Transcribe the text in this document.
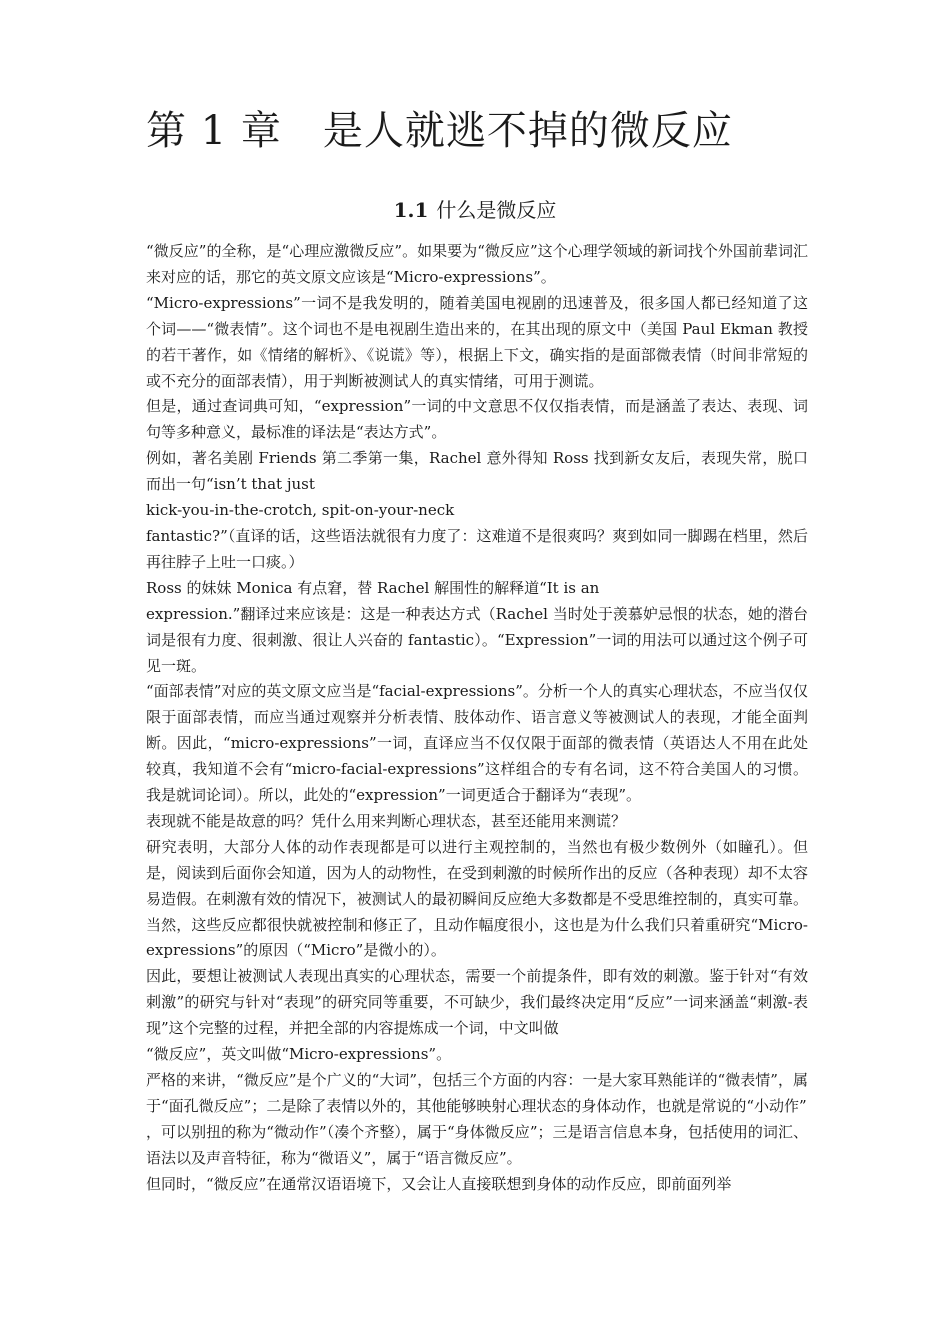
第 1 章　是人就逃不掉的微反应
1.1 什么是微反应

“微反应”的全称，是“心理应激微反应”。如果要为“微反应”这个心理学领域的新词找个外国前辈词汇来对应的话，那它的英文原文应该是“Micro-expressions”。

“Micro-expressions”一词不是我发明的，随着美国电视剧的迅速普及，很多国人都已经知道了这个词——“微表情”。这个词也不是电视剧生造出来的，在其出现的原文中（美国 Paul Ekman 教授的若干著作，如《情绪的解析》、《说谎》等），根据上下文，确实指的是面部微表情（时间非常短的或不充分的面部表情），用于判断被测试人的真实情绪，可用于测谎。

但是，通过查词典可知，“expression”一词的中文意思不仅仅指表情，而是涵盖了表达、表现、词句等多种意义，最标准的译法是“表达方式”。

例如，著名美剧 Friends 第二季第一集，Rachel 意外得知 Ross 找到新女友后，表现失常，脱口而出一句“isn’t that just

kick-you-in-the-crotch, spit-on-your-neck

fantastic?”（直译的话，这些语法就很有力度了：这难道不是很爽吗？爽到如同一脚踢在档里，然后再往脖子上吐一口痰。）

Ross 的妹妹 Monica 有点窘，替 Rachel 解围性的解释道“It is an

expression.”翻译过来应该是：这是一种表达方式（Rachel 当时处于羡慕妒忌恨的状态，她的潜台词是很有力度、很刺激、很让人兴奋的 fantastic）。“Expression”一词的用法可以通过这个例子可见一斑。

“面部表情”对应的英文原文应当是“facial-expressions”。分析一个人的真实心理状态，不应当仅仅限于面部表情，而应当通过观察并分析表情、肢体动作、语言意义等被测试人的表现，才能全面判断。因此，“micro-expressions”一词，直译应当不仅仅限于面部的微表情（英语达人不用在此处较真，我知道不会有“micro-facial-expressions”这样组合的专有名词，这不符合美国人的习惯。我是就词论词）。所以，此处的“expression”一词更适合于翻译为“表现”。

表现就不能是故意的吗？凭什么用来判断心理状态，甚至还能用来测谎？

研究表明，大部分人体的动作表现都是可以进行主观控制的，当然也有极少数例外（如瞳孔）。但是，阅读到后面你会知道，因为人的动物性，在受到刺激的时候所作出的反应（各种表现）却不太容易造假。在刺激有效的情况下，被测试人的最初瞬间反应绝大多数都是不受思维控制的，真实可靠。当然，这些反应都很快就被控制和修正了，且动作幅度很小，这也是为什么我们只着重研究“Micro-expressions”的原因（“Micro”是微小的）。

因此，要想让被测试人表现出真实的心理状态，需要一个前提条件，即有效的刺激。鉴于针对“有效刺激”的研究与针对“表现”的研究同等重要，不可缺少，我们最终决定用“反应”一词来涵盖“刺激-表现”这个完整的过程，并把全部的内容提炼成一个词，中文叫做

“微反应”，英文叫做“Micro-expressions”。

严格的来讲，“微反应”是个广义的“大词”，包括三个方面的内容：一是大家耳熟能详的“微表情”，属于“面孔微反应”；二是除了表情以外的，其他能够映射心理状态的身体动作，也就是常说的“小动作”

，可以别扭的称为“微动作”（凑个齐整），属于“身体微反应”；三是语言信息本身，包括使用的词汇、语法以及声音特征，称为“微语义”，属于“语言微反应”。

但同时，“微反应”在通常汉语语境下，又会让人直接联想到身体的动作反应，即前面列举
